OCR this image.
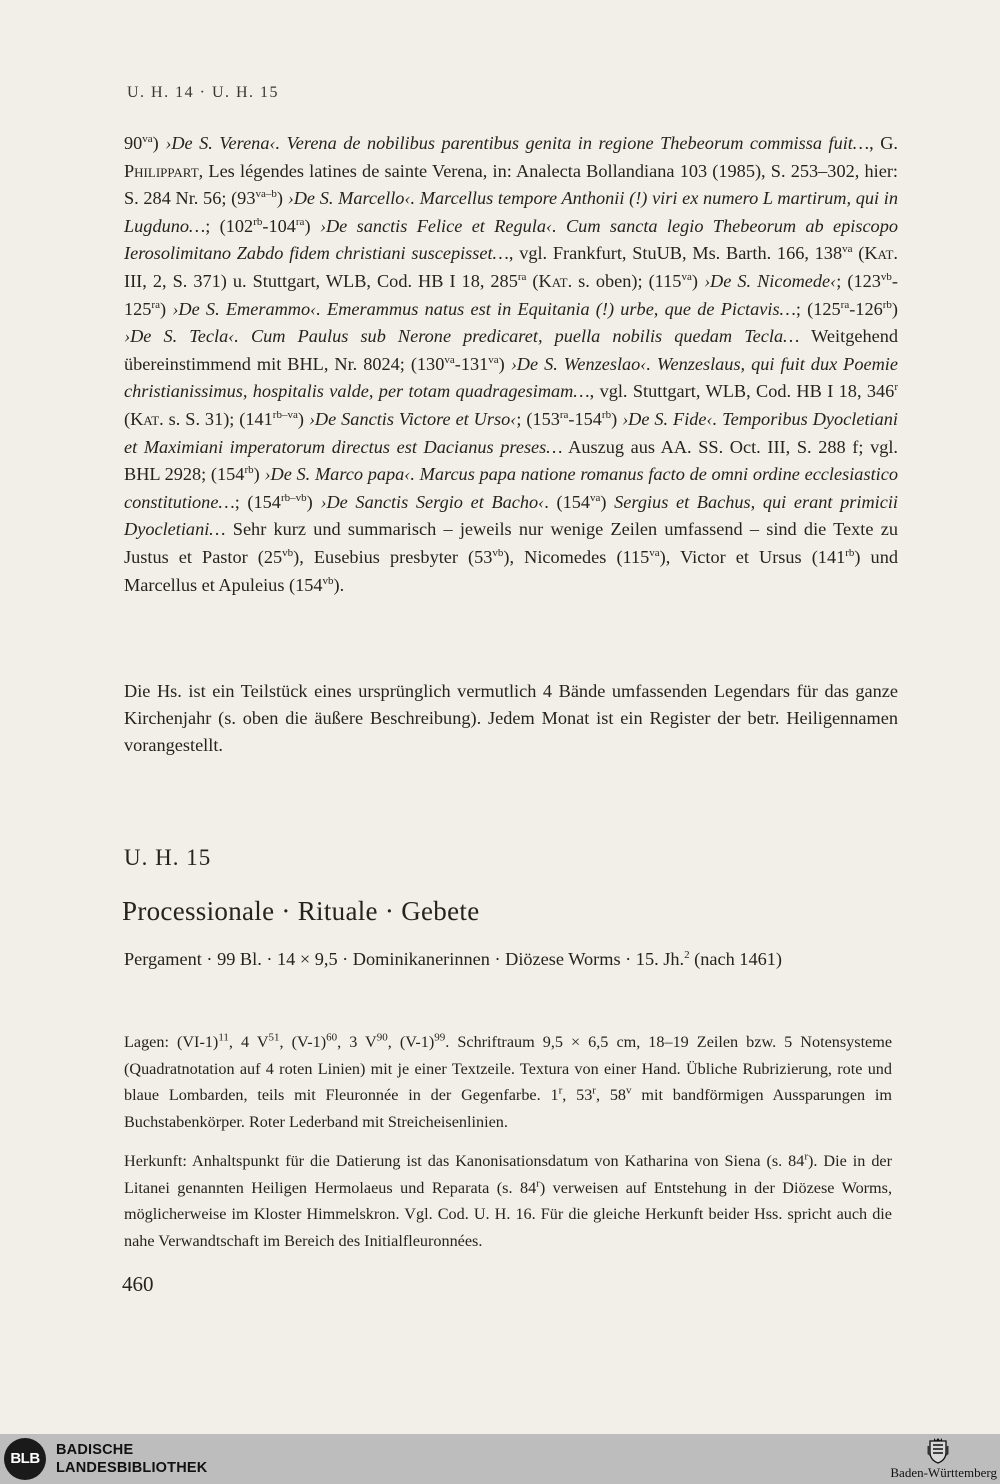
U. H. 14 · U. H. 15

$90^{va}$) ›De S. Verena‹. Verena de nobilibus parentibus genita in regione Thebeorum commissa fuit…, G. Philippart, Les légendes latines de sainte Verena, in: Analecta Bollandiana 103 (1985), S. 253–302, hier: S. 284 Nr. 56; $(93^{va-b})$ ›De S. Marcello‹. Marcellus tempore Anthonii (!) viri ex numero L martirum, qui in Lugduno…; $(102^{rb}-104^{ra})$ ›De sanctis Felice et Regula‹. Cum sancta legio Thebeorum ab episcopo Ierosolimitano Zabdo fidem christiani suscepisset…, vgl. Frankfurt, StuUB, Ms. Barth. 166, $138^{va}$ (Kat. III, 2, S. 371) u. Stuttgart, WLB, Cod. HB I 18, $285^{ra}$ (Kat. s. oben); $(115^{va})$ ›De S. Nicomede‹; $(123^{vb}-125^{ra})$ ›De S. Emerammo‹. Emerammus natus est in Equitania (!) urbe, que de Pictavis…; $(125^{ra}-126^{rb})$ ›De S. Tecla‹. Cum Paulus sub Nerone predicaret, puella nobilis quedam Tecla… Weitgehend übereinstimmend mit BHL, Nr. 8024; $(130^{va}-131^{va})$ ›De S. Wenzeslao‹. Wenzeslaus, qui fuit dux Poemie christianissimus, hospitalis valde, per totam quadragesimam…, vgl. Stuttgart, WLB, Cod. HB I 18, 346$^r$ (Kat. s. S. 31); $(141^{rb-va})$ ›De Sanctis Victore et Urso‹; $(153^{ra}-154^{rb})$ ›De S. Fide‹. Temporibus Dyocletiani et Maximiani imperatorum directus est Dacianus preses… Auszug aus AA. SS. Oct. III, S. 288 f; vgl. BHL 2928; $(154^{rb})$ ›De S. Marco papa‹. Marcus papa natione romanus facto de omni ordine ecclesiastico constitutione…; $(154^{rb-vb})$ ›De Sanctis Sergio et Bacho‹. $(154^{va})$ Sergius et Bachus, qui erant primicii Dyocletiani… Sehr kurz und summarisch – jeweils nur wenige Zeilen umfassend – sind die Texte zu Justus et Pastor $(25^{vb})$, Eusebius presbyter $(53^{vb})$, Nicomedes $(115^{va})$, Victor et Ursus $(141^{rb})$ und Marcellus et Apuleius $(154^{vb})$.

Die Hs. ist ein Teilstück eines ursprünglich vermutlich 4 Bände umfassenden Legendars für das ganze Kirchenjahr (s. oben die äußere Beschreibung). Jedem Monat ist ein Register der betr. Heiligennamen vorangestellt.

U. H. 15
Processionale · Rituale · Gebete

Pergament · 99 Bl. · 14 × 9,5 · Dominikanerinnen · Diözese Worms · 15. Jh.$^2$ (nach 1461)

Lagen: $(VI-1)^{11}$, 4 $V^{51}$, $(V-1)^{60}$, 3 $V^{90}$, $(V-1)^{99}$. Schriftraum 9,5 × 6,5 cm, 18–19 Zeilen bzw. 5 Notensysteme (Quadratnotation auf 4 roten Linien) mit je einer Textzeile. Textura von einer Hand. Übliche Rubrizierung, rote und blaue Lombarden, teils mit Fleuronnée in der Gegenfarbe. 1$^r$, 53$^r$, 58$^v$ mit bandförmigen Aussparungen im Buchstabenkörper. Roter Lederband mit Streicheisenlinien.

Herkunft: Anhaltspunkt für die Datierung ist das Kanonisationsdatum von Katharina von Siena (s. 84$^r$). Die in der Litanei genannten Heiligen Hermolaeus und Reparata (s. 84$^r$) verweisen auf Entstehung in der Diözese Worms, möglicherweise im Kloster Himmelskron. Vgl. Cod. U. H. 16. Für die gleiche Herkunft beider Hss. spricht auch die nahe Verwandtschaft im Bereich des Initialfleuronnées.

460
BLB	BADISCHE
LANDESBIBLIOTHEK	Baden-Württemberg
